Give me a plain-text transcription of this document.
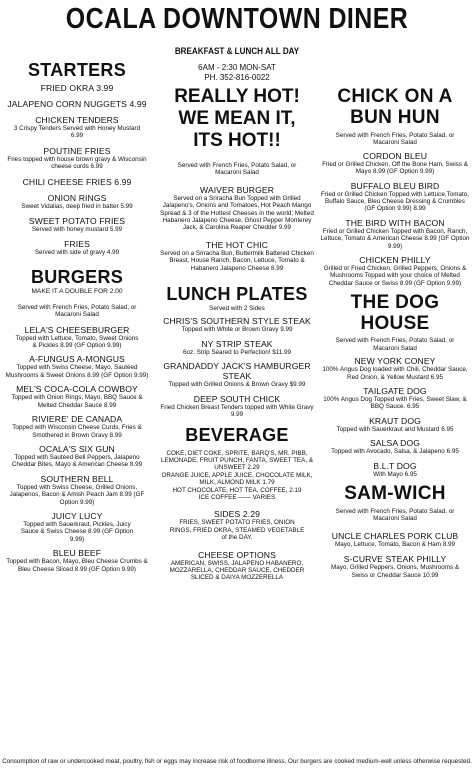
OCALA DOWNTOWN DINER
STARTERS
FRIED OKRA 3.99
JALAPENO CORN NUGGETS 4.99
CHICKEN TENDERS
3 Crispy Tenders Served with Honey Mustard 6.99
POUTINE FRIES
Fries topped with house brown gravy & Wisconsin cheese curds 6.99
CHILI CHEESE FRIES 6.99
ONION RINGS
Sweet Vidalias, deep fried in batter 5.99
SWEET POTATO FRIES
Served with honey mustard 5.99
FRIES
Served with side of gravy 4.99
BURGERS
MAKE IT A DOUBLE FOR 2.00
Served with French Fries, Potato Salad, or Macaroni Salad
LELA'S CHEESEBURGER
Topped with Lettuce, Tomato, Sweet Onions & Pickles 8.99 (GF Option 9.99)
A-FUNGUS A-MONGUS
Topped with Swiss Cheese, Mayo, Sautéed Mushrooms & Sweet Onions 8.99 (GF Option 9.99)
MEL'S COCA-COLA COWBOY
Topped with Onion Rings, Mayo, BBQ Sauce & Melted Cheddar Sauce 8.99
RIVIERE' DE CANADA
Topped with Wisconsin Cheese Curds, Fries & Smothered in Brown Gravy 8.99
OCALA'S SIX GUN
Topped with Sautéed Bell Peppers, Jalapeno Cheddar Bites, Mayo & American Cheese 8.99
SOUTHERN BELL
Topped with Swiss Cheese, Grilled Onions, Jalapenos, Bacon & Amish Peach Jam 8.99 (GF Option 9.99)
JUICY LUCY
Topped with Sauerkraut, Pickles, Juicy Sauce & Swiss Cheese 8.99 (GF Option 9.99)
BLEU BEEF
Topped with Bacon, Mayo, Bleu Cheese Crumbs & Bleu Cheese Sliced 8.99 (GF Option 9.99)
BREAKFAST & LUNCH ALL DAY
6AM - 2:30 MON-SAT
PH. 352-816-0022
REALLY HOT! WE MEAN IT, ITS HOT!!
Served with French Fries, Potato Salad, or Macaroni Salad
WAIVER BURGER
Served on a Sriracha Bun Topped with Grilled Jalapeno's, Onions and Tomatoes, Hot Peach Mango Spread & 3 of the Hottest Cheeses in the world; Melted Habanero Jalapeno Cheese, Ghost Pepper Monterey Jack, & Carolina Reaper Chedder 9.99
THE HOT CHIC
Served on a Sriracha Bun, Buttermilk Battered Chicken Breast, House Ranch, Bacon, Lettuce, Tomato & Habanero Jalapeno Cheese 8.99
LUNCH PLATES
Served with 2 Sides
CHRIS'S SOUTHERN STYLE STEAK
Topped with White or Brown Gravy 9.99
NY STRIP STEAK
6oz. Strip Seared to Perfection! $11.99
GRANDADDY JACK'S HAMBURGER STEAK
Topped with Grilled Onions & Brown Gravy $9.99
DEEP SOUTH CHICK
Fried Chicken Breast Tenders topped with White Gravy 9.99
BEVERAGE
COKE, DIET COKE, SPRITE, BARQ'S, MR. PIBB, LEMONADE, FRUIT PUNCH, FANTA, SWEET TEA, & UNSWEET 2.29
ORANGE JUICE, APPLE JUICE, CHOCOLATE MILK, MILK, ALMOND MILK 1.79
HOT CHOCOLATE, HOT TEA, COFFEE, 2.19
ICE COFFEE —— VARIES
SIDES 2.29
FRIES, SWEET POTATO FRIES, ONION RINGS, FRIED OKRA, STEAMED VEGETABLE of the DAY.
CHEESE OPTIONS
AMERICAN, SWISS, JALAPENO HABANERO, MOZZARELLA, CHEDDAR SAUCE, CHEDDER SLICED & DAIYA MOZZERELLA
CHICK ON A BUN HUN
Served with French Fries, Potato Salad, or Macaroni Salad
CORDON BLEU
Fried or Grilled Chicken, Off the Bone Ham, Swiss & Mayo 8.99 (GF Option 9.99)
BUFFALO BLEU BIRD
Fried or Grilled Chicken Topped with Lettuce,Tomato, Buffalo Sauce, Bleu Cheese Dressing & Crumbles (GF Option 9.99) 8.99
THE BIRD WITH BACON
Fried or Grilled Chicken Topped with Bacon, Ranch, Lettuce, Tomato & American Cheese 8.99 (GF Option 9.99)
CHICKEN PHILLY
Grilled or Fried Chicken, Grilled Peppers, Onions & Mushrooms Topped with your choice of Melted Cheddar Sauce or Swiss 8.99 (GF Option 9.99)
THE DOG HOUSE
Served with French Fries, Potato Salad, or Macaroni Salad
NEW YORK CONEY
100% Angus Dog loaded with Chili, Cheddar Sauce, Red Onion, & Yellow Mustard 6.95
TAILGATE DOG
100% Angus Dog Topped with Fries, Sweet Slaw, & BBQ Sauce. 6.95
KRAUT DOG
Topped with Sauerkraut and Mustard 6.95
SALSA DOG
Topped with Avocado, Salsa, & Jalapeno 6.95
B.L.T DOG
With Mayo 6.95
SAM-WICH
Served with French Fries, Potato Salad, or Macaroni Salad
UNCLE CHARLES PORK CLUB
Mayo, Lettuce, Tomato, Bacon & Ham 8.99
S-CURVE STEAK PHILLY
Mayo, Grilled Peppers, Onions, Mushrooms & Swiss or Cheddar Sauce 10.99
Consumption of raw or undercooked meat, poultry, fish or eggs may increase risk of foodborne illness. Our burgers are cooked medium-well unless otherwise requested.
